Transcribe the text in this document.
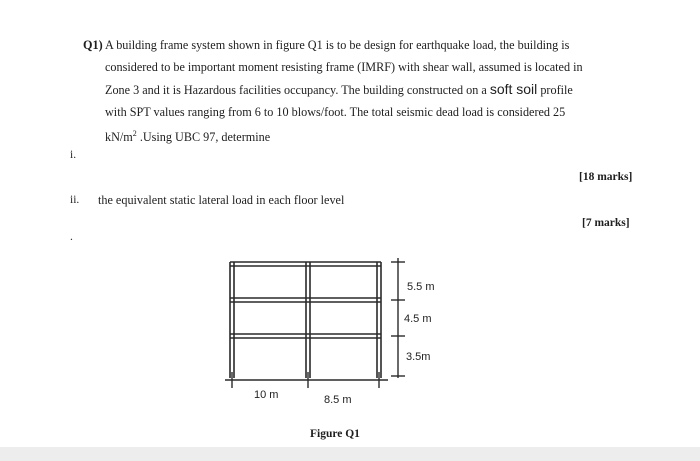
Q1) A building frame system shown in figure Q1 is to be design for earthquake load, the building is
considered to be important moment resisting frame (IMRF) with shear wall, assumed is located in
Zone 3 and it is Hazardous facilities occupancy. The building constructed on a soft soil profile
with SPT values ranging from 6 to 10 blows/foot. The total seismic dead load is considered 25
$kN/m^2$ .Using UBC 97, determine
i.
[18 marks]
ii. the equivalent static lateral load in each floor level
[7 marks]
.
5.5 m
4.5 m
3.5m
10 m	8.5 m
Figure Q1
